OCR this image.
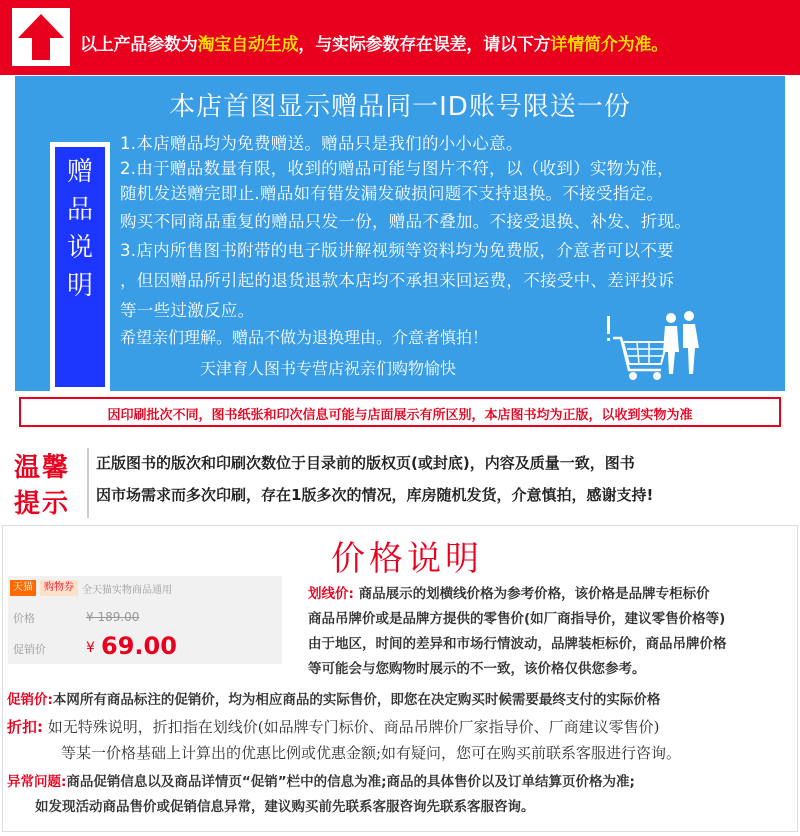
以上产品参数为淘宝自动生成，与实际参数存在误差，请以下方详情简介为准。
本店首图显示赠品同一ID账号限送一份
赠
品
说
明
1.本店赠品均为免费赠送。赠品只是我们的小小心意。
2.由于赠品数量有限，收到的赠品可能与图片不符，以（收到）实物为准，
随机发送赠完即止.赠品如有错发漏发破损问题不支持退换。不接受指定。
购买不同商品重复的赠品只发一份，赠品不叠加。不接受退换、补发、折现。
3.店内所售图书附带的电子版讲解视频等资料均为免费版，介意者可以不要
，但因赠品所引起的退货退款本店均不承担来回运费，不接受中、差评投诉
等一些过激反应。
希望亲们理解。赠品不做为退换理由。介意者慎拍！
天津育人图书专营店祝亲们购物愉快
因印刷批次不同，图书纸张和印次信息可能与店面展示有所区别，本店图书均为正版，以收到实物为准
温馨
提示
正版图书的版次和印刷次数位于目录前的版权页(或封底)，内容及质量一致，图书
因市场需求而多次印刷，存在1版多次的情况，库房随机发货，介意慎拍，感谢支持!
价格说明
天猫	购物券 全天猫实物商品通用
价格	¥ 189.00
促销价	¥ 69.00
划线价: 商品展示的划横线价格为参考价格，该价格是品牌专柜标价
商品吊牌价或是品牌方提供的零售价(如厂商指导价，建议零售价格等)
由于地区，时间的差异和市场行情波动，品牌装柜标价，商品吊牌价格
等可能会与您购物时展示的不一致，该价格仅供您参考。
促销价:本网所有商品标注的促销价，均为相应商品的实际售价，即您在决定购买时候需要最终支付的实际价格
折扣: 如无特殊说明，折扣指在划线价(如品牌专门标价、商品吊牌价厂家指导价、厂商建议零售价)
等某一价格基础上计算出的优惠比例或优惠金额;如有疑问，您可在购买前联系客服进行咨询。
异常问题:商品促销信息以及商品详情页“促销”栏中的信息为准;商品的具体售价以及订单结算页价格为准;
如发现活动商品售价或促销信息异常，建议购买前先联系客服咨询先联系客服咨询。
